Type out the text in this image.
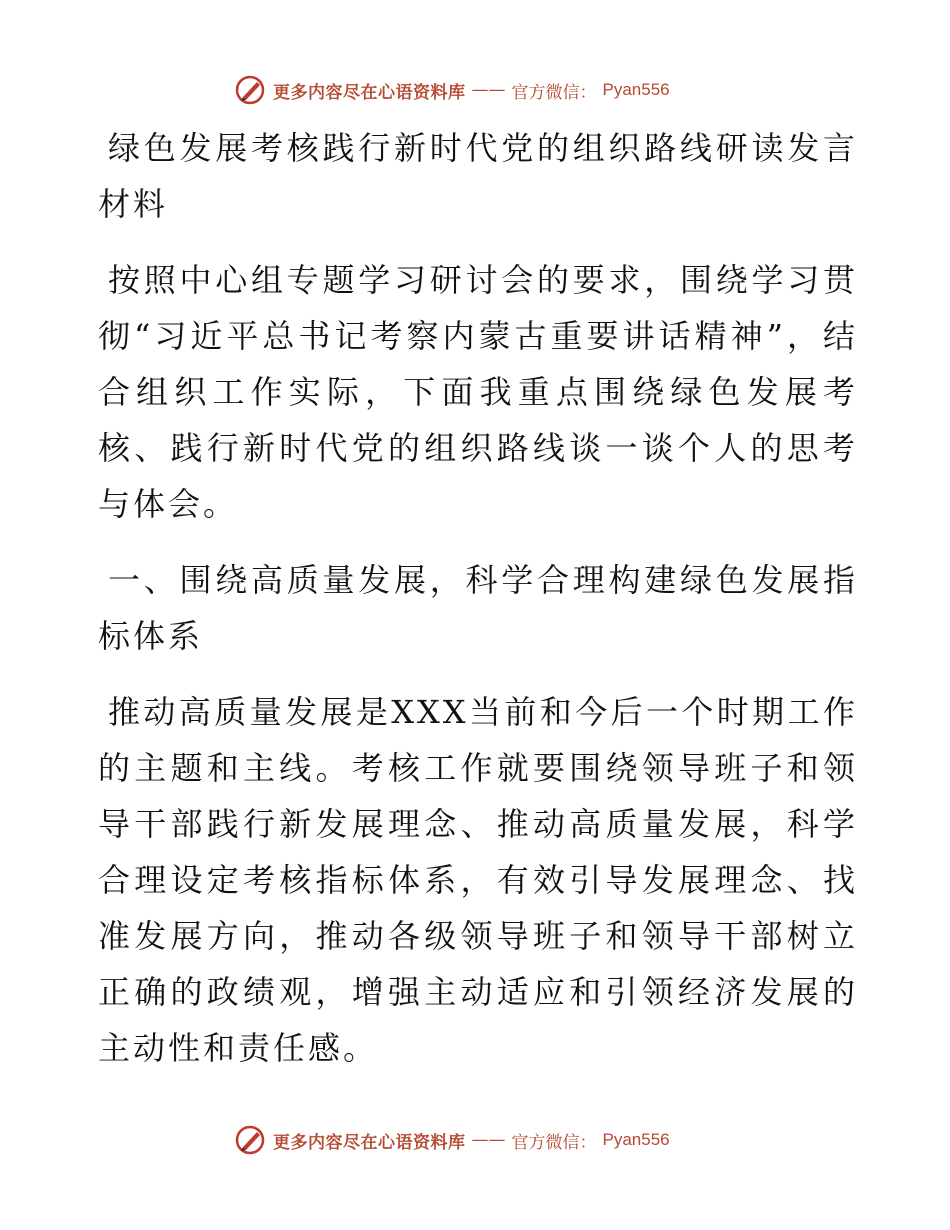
更多内容尽在心语资料库 —— 官方微信： Pyan556

绿色发展考核践行新时代党的组织路线研读发言材料

按照中心组专题学习研讨会的要求，围绕学习贯彻“习近平总书记考察内蒙古重要讲话精神”，结合组织工作实际，下面我重点围绕绿色发展考核、践行新时代党的组织路线谈一谈个人的思考与体会。

一、围绕高质量发展，科学合理构建绿色发展指标体系

推动高质量发展是XXX当前和今后一个时期工作的主题和主线。考核工作就要围绕领导班子和领导干部践行新发展理念、推动高质量发展，科学合理设定考核指标体系，有效引导发展理念、找准发展方向，推动各级领导班子和领导干部树立正确的政绩观，增强主动适应和引领经济发展的主动性和责任感。

更多内容尽在心语资料库 —— 官方微信： Pyan556
